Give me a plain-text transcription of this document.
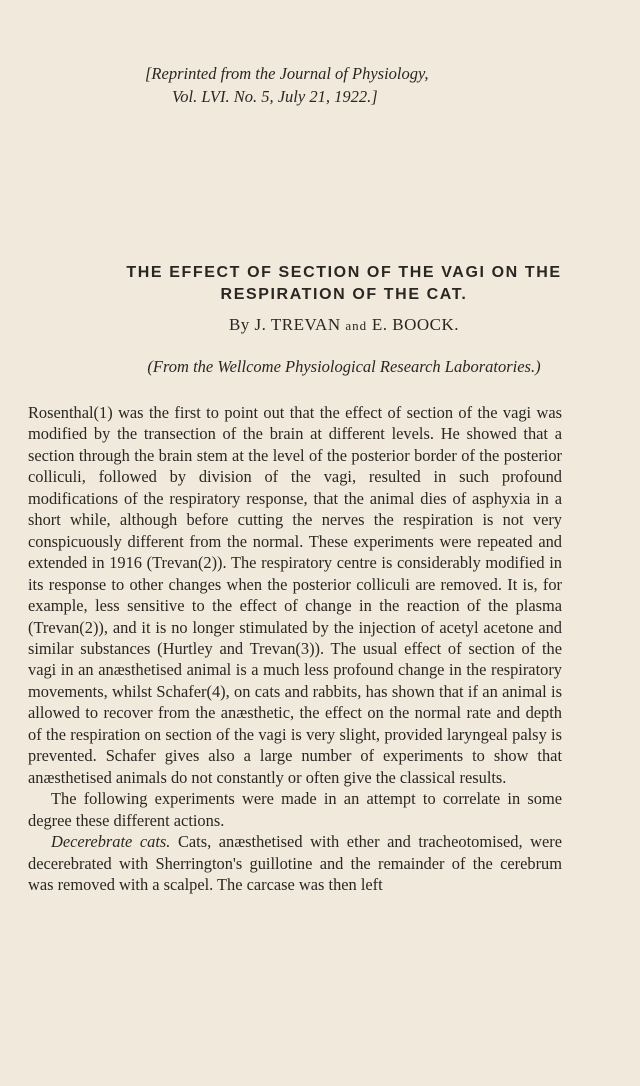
[Reprinted from the Journal of Physiology,
Vol. LVI. No. 5, July 21, 1922.]
THE EFFECT OF SECTION OF THE VAGI ON THE
RESPIRATION OF THE CAT.
By J. TREVAN and E. BOOCK.
(From the Wellcome Physiological Research Laboratories.)

Rosenthal(1) was the first to point out that the effect of section of the vagi was modified by the transection of the brain at different levels. He showed that a section through the brain stem at the level of the posterior border of the posterior colliculi, followed by division of the vagi, resulted in such profound modifications of the respiratory response, that the animal dies of asphyxia in a short while, although before cutting the nerves the respiration is not very conspicuously different from the normal. These experiments were repeated and extended in 1916 (Trevan(2)). The respiratory centre is considerably modified in its response to other changes when the posterior colliculi are removed. It is, for example, less sensitive to the effect of change in the reaction of the plasma (Trevan(2)), and it is no longer stimulated by the injection of acetyl acetone and similar substances (Hurtley and Trevan(3)). The usual effect of section of the vagi in an anæsthetised animal is a much less profound change in the respiratory movements, whilst Schafer(4), on cats and rabbits, has shown that if an animal is allowed to recover from the anæsthetic, the effect on the normal rate and depth of the respiration on section of the vagi is very slight, provided laryngeal palsy is prevented. Schafer gives also a large number of experiments to show that anæsthetised animals do not constantly or often give the classical results.

The following experiments were made in an attempt to correlate in some degree these different actions.

Decerebrate cats. Cats, anæsthetised with ether and tracheotomised, were decerebrated with Sherrington's guillotine and the remainder of the cerebrum was removed with a scalpel. The carcase was then left
